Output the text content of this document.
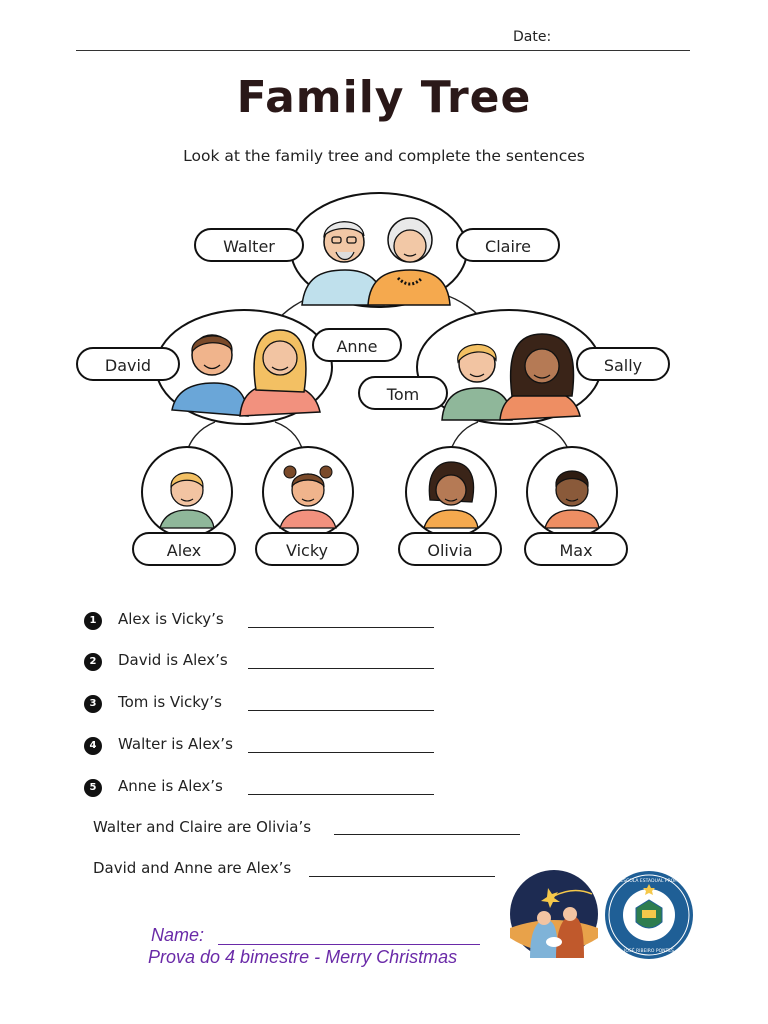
Date:
Family Tree
Look at the family tree and complete the sentences
Walter	Claire
David
Anne
Tom
Sally
Alex	Vicky	Olivia	Max
1	Alex is Vicky’s
2	David is Alex’s
3	Tom is Vicky’s
4	Walter is Alex’s
5	Anne is Alex’s
Walter and Claire are Olivia’s
David and Anne are Alex’s
Name:
Prova do 4 bimestre - Merry Christmas	JOSÉ RIBEIRO PONTES
ESCOLA ESTADUAL PROF.
